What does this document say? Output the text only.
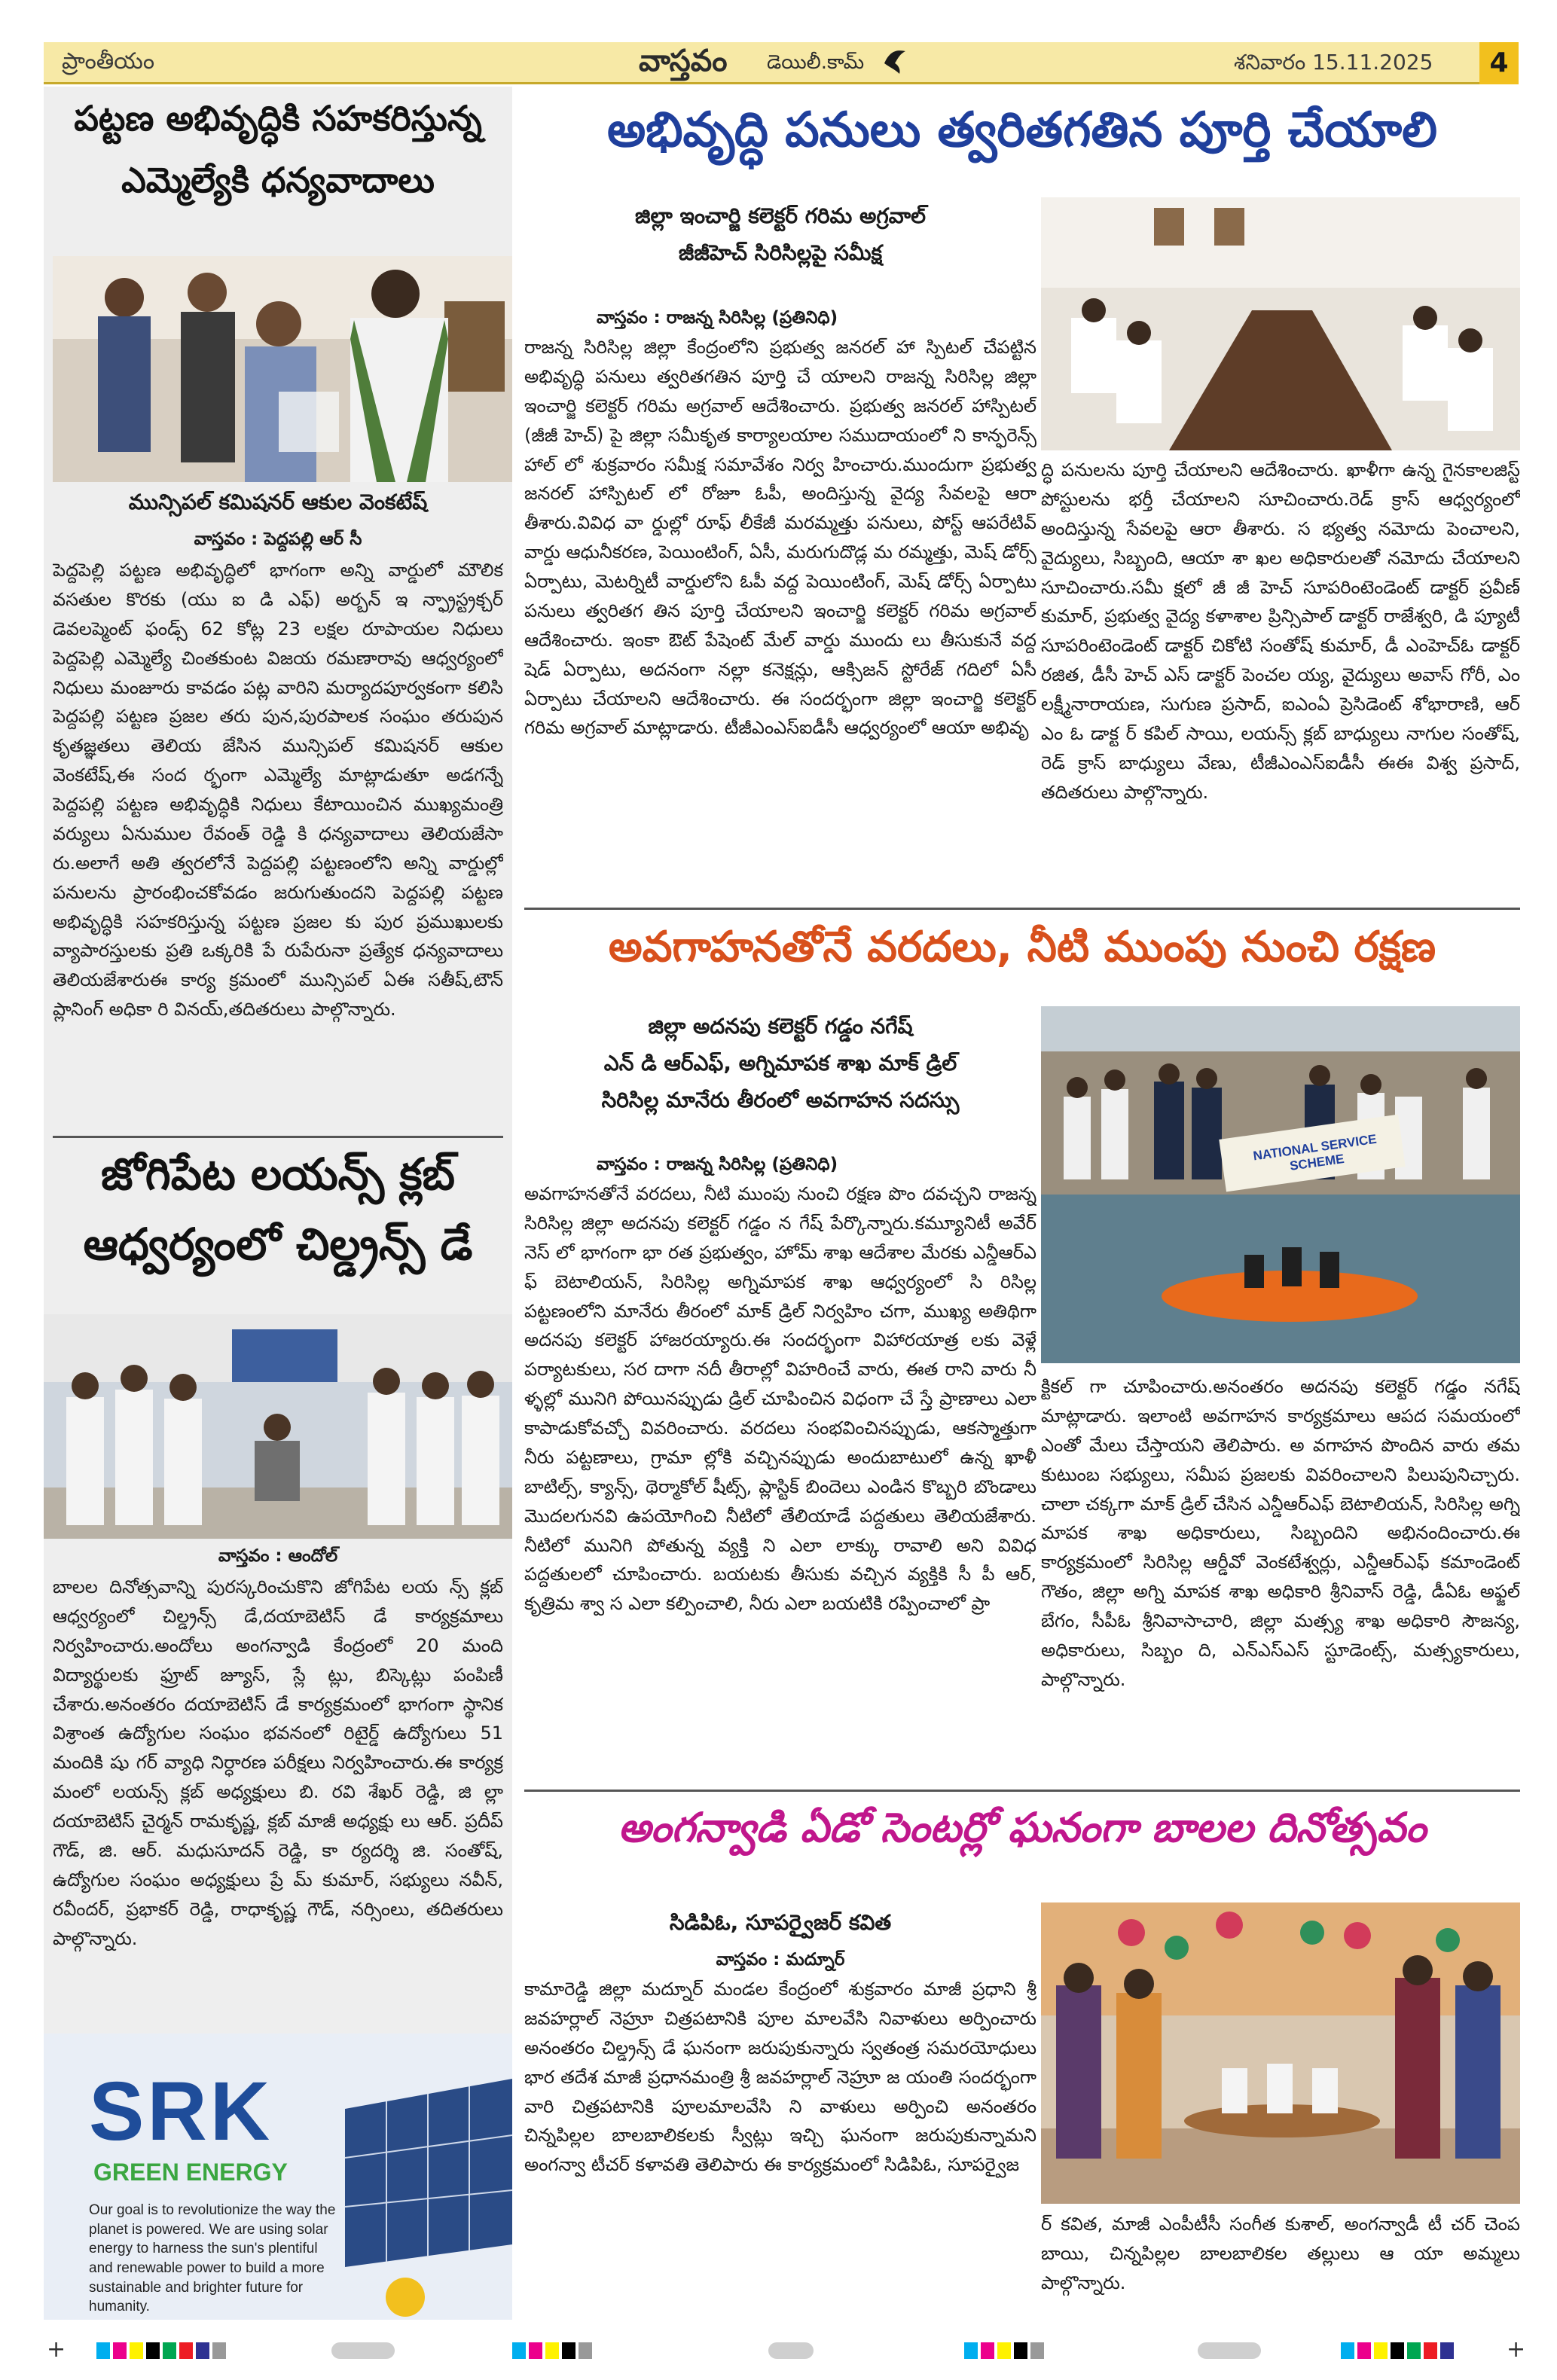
ప్రాంతీయం	వాస్తవం డెయిలీ.కామ్	శనివారం 15.11.2025	4
పట్టణ అభివృద్ధికి సహకరిస్తున్న
ఎమ్మెల్యేకి ధన్యవాదాలు
మున్సిపల్ కమిషనర్ ఆకుల వెంకటేష్
వాస్తవం : పెద్దపల్లి ఆర్ సీ
పెద్దపెల్లి పట్టణ అభివృద్ధిలో భాగంగా అన్ని వార్డులో మౌలిక వసతుల కొరకు (యు ఐ డి ఎఫ్) అర్బన్ ఇ న్ఫ్రాస్ట్రక్చర్ డెవలప్మెంట్ ఫండ్స్ 62 కోట్ల 23 లక్షల రూపాయల నిధులు పెద్దపెల్లి ఎమ్మెల్యే చింతకుంట విజయ రమణారావు ఆధ్వర్యంలో నిధులు మంజూరు కావడం పట్ల వారిని మర్యాదపూర్వకంగా కలిసి పెద్దపల్లి పట్టణ ప్రజల తరు పున,పురపాలక సంఘం తరుపున కృతజ్ఞతలు తెలియ జేసిన మున్సిపల్ కమిషనర్ ఆకుల వెంకటేష్,ఈ సంద ర్భంగా ఎమ్మెల్యే మాట్లాడుతూ అడగన్నే పెద్దపల్లి పట్టణ అభివృద్ధికి నిధులు కేటాయించిన ముఖ్యమంత్రి వర్యులు ఏనుముల రేవంత్ రెడ్డి కి ధన్యవాదాలు తెలియజేసా రు.అలాగే అతి త్వరలోనే పెద్దపల్లి పట్టణంలోని అన్ని వార్డుల్లో పనులను ప్రారంభించకోవడం జరుగుతుందని పెద్దపల్లి పట్టణ అభివృద్ధికి సహకరిస్తున్న పట్టణ ప్రజల కు పుర ప్రముఖులకు వ్యాపారస్తులకు ప్రతి ఒక్కరికి పే రుపేరునా ప్రత్యేక ధన్యవాదాలు తెలియజేశారుఈ కార్య క్రమంలో మున్సిపల్ ఏఈ సతీష్,టౌన్ ప్లానింగ్ అధికా రి వినయ్,తదితరులు పాల్గొన్నారు.
జోగిపేట లయన్స్ క్లబ్
ఆధ్వర్యంలో చిల్డ్రన్స్ డే
వాస్తవం : ఆందోల్
బాలల దినోత్సవాన్ని పురస్కరించుకొని జోగిపేట లయ న్స్ క్లబ్ ఆధ్వర్యంలో చిల్డ్రన్స్ డే,దయాబెటిస్ డే కార్యక్రమాలు నిర్వహించారు.అందోలు అంగన్వాడి కేంద్రంలో 20 మంది విద్యార్థులకు ఫ్రూట్ జ్యూస్, స్లే ట్లు, బిస్కెట్లు పంపిణీ చేశారు.అనంతరం దయాబెటిస్ డే కార్యక్రమంలో భాగంగా స్థానిక విశ్రాంత ఉద్యోగుల సంఘం భవనంలో రిటైర్డ్ ఉద్యోగులు 51 మందికి షు గర్ వ్యాధి నిర్ధారణ పరీక్షలు నిర్వహించారు.ఈ కార్యక్ర మంలో లయన్స్ క్లబ్ అధ్యక్షులు బి. రవి శేఖర్ రెడ్డి, జి ల్లా దయాబెటిస్ చైర్మన్ రామకృష్ణ, క్లబ్ మాజీ అధ్యక్షు లు ఆర్. ప్రదీప్ గౌడ్, జి. ఆర్. మధుసూదన్ రెడ్డి, కా ర్యదర్శి జి. సంతోష్, ఉద్యోగుల సంఘం అధ్యక్షులు ప్రే మ్ కుమార్, సభ్యులు నవీన్, రవీందర్, ప్రభాకర్ రెడ్డి, రాధాకృష్ణ గౌడ్, నర్సింలు, తదితరులు పాల్గొన్నారు.
SRK
GREEN ENERGY
Our goal is to revolutionize the way the planet is powered. We are using solar energy to harness the sun's plentiful and renewable power to build a more sustainable and brighter future for humanity.
అభివృద్ధి పనులు త్వరితగతిన పూర్తి చేయాలి
జిల్లా ఇంచార్జి కలెక్టర్ గరిమ అగ్రవాల్
జీజీహెచ్ సిరిసిల్లపై సమీక్ష
వాస్తవం : రాజన్న సిరిసిల్ల (ప్రతినిధి)
రాజన్న సిరిసిల్ల జిల్లా కేంద్రంలోని ప్రభుత్వ జనరల్ హా స్పిటల్ చేపట్టిన అభివృద్ధి పనులు త్వరితగతిన పూర్తి చే యాలని రాజన్న సిరిసిల్ల జిల్లా ఇంచార్జి కలెక్టర్ గరిమ అగ్రవాల్ ఆదేశించారు. ప్రభుత్వ జనరల్ హాస్పిటల్ (జీజీ హెచ్) పై జిల్లా సమీకృత కార్యాలయాల సముదాయంలో ని కాన్ఫరెన్స్ హాల్ లో శుక్రవారం సమీక్ష సమావేశం నిర్వ హించారు.ముందుగా ప్రభుత్వ జనరల్ హాస్పిటల్ లో రోజూ ఓపీ, అందిస్తున్న వైద్య సేవలపై ఆరా తీశారు.వివిధ వా ర్డుల్లో రూఫ్ లీకేజీ మరమ్మత్తు పనులు, పోస్ట్ ఆపరేటివ్ వార్డు ఆధునీకరణ, పెయింటింగ్, ఏసీ, మరుగుదొడ్ల మ రమ్మత్తు, మెష్ డోర్స్ ఏర్పాటు, మెటర్నిటీ వార్డులోని ఓపీ వద్ద పెయింటింగ్, మెష్ డోర్స్ ఏర్పాటు పనులు త్వరితగ తిన పూర్తి చేయాలని ఇంచార్జి కలెక్టర్ గరిమ అగ్రవాల్ ఆదేశించారు. ఇంకా ఔట్ పేషెంట్ మేల్ వార్డు ముందు లు తీసుకునే వద్ద షెడ్ ఏర్పాటు, అదనంగా నల్లా కనెక్షన్లు, ఆక్సిజన్ స్టోరేజ్ గదిలో ఏసీ ఏర్పాటు చేయాలని ఆదేశించారు. ఈ సందర్భంగా జిల్లా ఇంచార్జి కలెక్టర్ గరిమ అగ్రవాల్ మాట్లాడారు. టీజీఎంఎస్ఐడీసీ ఆధ్వర్యంలో ఆయా అభివృ
ద్ధి పనులను పూర్తి చేయాలని ఆదేశించారు. ఖాళీగా ఉన్న గైనకాలజిస్ట్ పోస్టులను భర్తీ చేయాలని సూచించారు.రెడ్ క్రాస్ ఆధ్వర్యంలో అందిస్తున్న సేవలపై ఆరా తీశారు. స భ్యత్వ నమోదు పెంచాలని, వైద్యులు, సిబ్బంది, ఆయా శా ఖల అధికారులతో నమోదు చేయాలని సూచించారు.సమీ క్షలో జీ జీ హెచ్ సూపరింటెండెంట్ డాక్టర్ ప్రవీణ్ కుమార్, ప్రభుత్వ వైద్య కళాశాల ప్రిన్సిపాల్ డాక్టర్ రాజేశ్వరి, డి ప్యూటీ సూపరింటెండెంట్ డాక్టర్ చికోటి సంతోష్ కుమార్, డీ ఎంహెచ్ఓ డాక్టర్ రజిత, డీసీ హెచ్ ఎస్ డాక్టర్ పెంచల య్య, వైద్యులు అవాస్ గోరీ, ఎం లక్ష్మీనారాయణ, సుగుణ ప్రసాద్, ఐఎంఏ ప్రెసిడెంట్ శోభారాణి, ఆర్ ఎం ఓ డాక్ట ర్ కపిల్ సాయి, లయన్స్ క్లబ్ బాధ్యులు నాగుల సంతోష్, రెడ్ క్రాస్ బాధ్యులు వేణు, టీజీఎంఎస్ఐడీసీ ఈఈ విశ్వ ప్రసాద్, తదితరులు పాల్గొన్నారు.
అవగాహనతోనే వరదలు, నీటి ముంపు నుంచి రక్షణ
జిల్లా అదనపు కలెక్టర్ గడ్డం నగేష్
ఎన్ డి ఆర్ఎఫ్, అగ్నిమాపక శాఖ మాక్ డ్రిల్
సిరిసిల్ల మానేరు తీరంలో అవగాహన సదస్సు
NATIONAL SERVICE SCHEME
వాస్తవం : రాజన్న సిరిసిల్ల (ప్రతినిధి)
అవగాహనతోనే వరదలు, నీటి ముంపు నుంచి రక్షణ పొం దవచ్చని రాజన్న సిరిసిల్ల జిల్లా అదనపు కలెక్టర్ గడ్డం న గేష్ పేర్కొన్నారు.కమ్యూనిటీ అవేర్ నెస్ లో భాగంగా భా రత ప్రభుత్వం, హోమ్ శాఖ ఆదేశాల మేరకు ఎన్డీఆర్ఎ ఫ్ బెటాలియన్, సిరిసిల్ల అగ్నిమాపక శాఖ ఆధ్వర్యంలో సి రిసిల్ల పట్టణంలోని మానేరు తీరంలో మాక్ డ్రిల్ నిర్వహిం చగా, ముఖ్య అతిథిగా అదనపు కలెక్టర్ హాజరయ్యారు.ఈ సందర్భంగా విహారయాత్ర లకు వెళ్లే పర్యాటకులు, సర దాగా నదీ తీరాల్లో విహరించే వారు, ఈత రాని వారు నీ ళ్ళల్లో మునిగి పోయినప్పుడు డ్రిల్ చూపించిన విధంగా చే స్తే ప్రాణాలు ఎలా కాపాడుకోవచ్చో వివరించారు. వరదలు సంభవించినప్పుడు, ఆకస్మాత్తుగా నీరు పట్టణాలు, గ్రామా ల్లోకి వచ్చినప్పుడు అందుబాటులో ఉన్న ఖాళీ బాటిల్స్, క్యాన్స్, థెర్మాకోల్ షీట్స్, ప్లాస్టిక్ బిందెలు ఎండిన కొబ్బరి బొండాలు మొదలగునవి ఉపయోగించి నీటిలో తేలియాడే పద్దతులు తెలియజేశారు. నీటిలో మునిగి పోతున్న వ్యక్తి ని ఎలా లాక్కు రావాలి అని వివిధ పద్దతులలో చూపించారు. బయటకు తీసుకు వచ్చిన వ్యక్తికి సీ పీ ఆర్, కృత్రిమ శ్వా స ఎలా కల్పించాలి, నీరు ఎలా బయటికి రప్పించాలో ప్రా
క్టికల్ గా చూపించారు.అనంతరం అదనపు కలెక్టర్ గడ్డం నగేష్ మాట్లాడారు. ఇలాంటి అవగాహన కార్యక్రమాలు ఆపద సమయంలో ఎంతో మేలు చేస్తాయని తెలిపారు. అ వగాహన పొందిన వారు తమ కుటుంబ సభ్యులు, సమీప ప్రజలకు వివరించాలని పిలుపునిచ్చారు. చాలా చక్కగా మాక్ డ్రిల్ చేసిన ఎన్డీఆర్ఎఫ్ బెటాలియన్, సిరిసిల్ల అగ్ని మాపక శాఖ అధికారులు, సిబ్బందిని అభినందించారు.ఈ కార్యక్రమంలో సిరిసిల్ల ఆర్డీవో వెంకటేశ్వర్లు, ఎన్డీఆర్ఎఫ్ కమాండెంట్ గౌతం, జిల్లా అగ్ని మాపక శాఖ అధికారి శ్రీనివాస్ రెడ్డి, డీఏఓ అఫ్జల్ బేగం, సీపీఓ శ్రీనివాసాచారి, జిల్లా మత్స్య శాఖ అధికారి సౌజన్య, అధికారులు, సిబ్బం ది, ఎన్ఎస్ఎస్ స్టూడెంట్స్, మత్స్యకారులు, పాల్గొన్నారు.
అంగన్వాడి ఏడో సెంటర్లో ఘనంగా బాలల దినోత్సవం
సిడిపిఓ, సూపర్వైజర్ కవిత
వాస్తవం : మద్నూర్
కామారెడ్డి జిల్లా మద్నూర్ మండల కేంద్రంలో శుక్రవారం మాజీ ప్రధాని శ్రీ జవహర్లాల్ నెహ్రూ చిత్రపటానికి పూల మాలవేసి నివాళులు అర్పించారు అనంతరం చిల్డ్రన్స్ డే ఘనంగా జరుపుకున్నారు స్వతంత్ర సమరయోధులు భార తదేశ మాజీ ప్రధానమంత్రి శ్రీ జవహర్లాల్ నెహ్రూ జ యంతి సందర్భంగా వారి చిత్రపటానికి పూలమాలవేసి ని వాళులు అర్పించి అనంతరం చిన్నపిల్లల బాలబాలికలకు స్వీట్లు ఇచ్చి ఘనంగా జరుపుకున్నామని అంగన్వా టీచర్ కళావతి తెలిపారు ఈ కార్యక్రమంలో సిడిపిఓ, సూపర్వైజ
ర్ కవిత, మాజీ ఎంపీటీసీ సంగీత కుశాల్, అంగన్వాడీ టీ చర్ చెంప బాయి, చిన్నపిల్లల బాలబాలికల తల్లులు ఆ యా అమ్మలు పాల్గొన్నారు.
+	+
